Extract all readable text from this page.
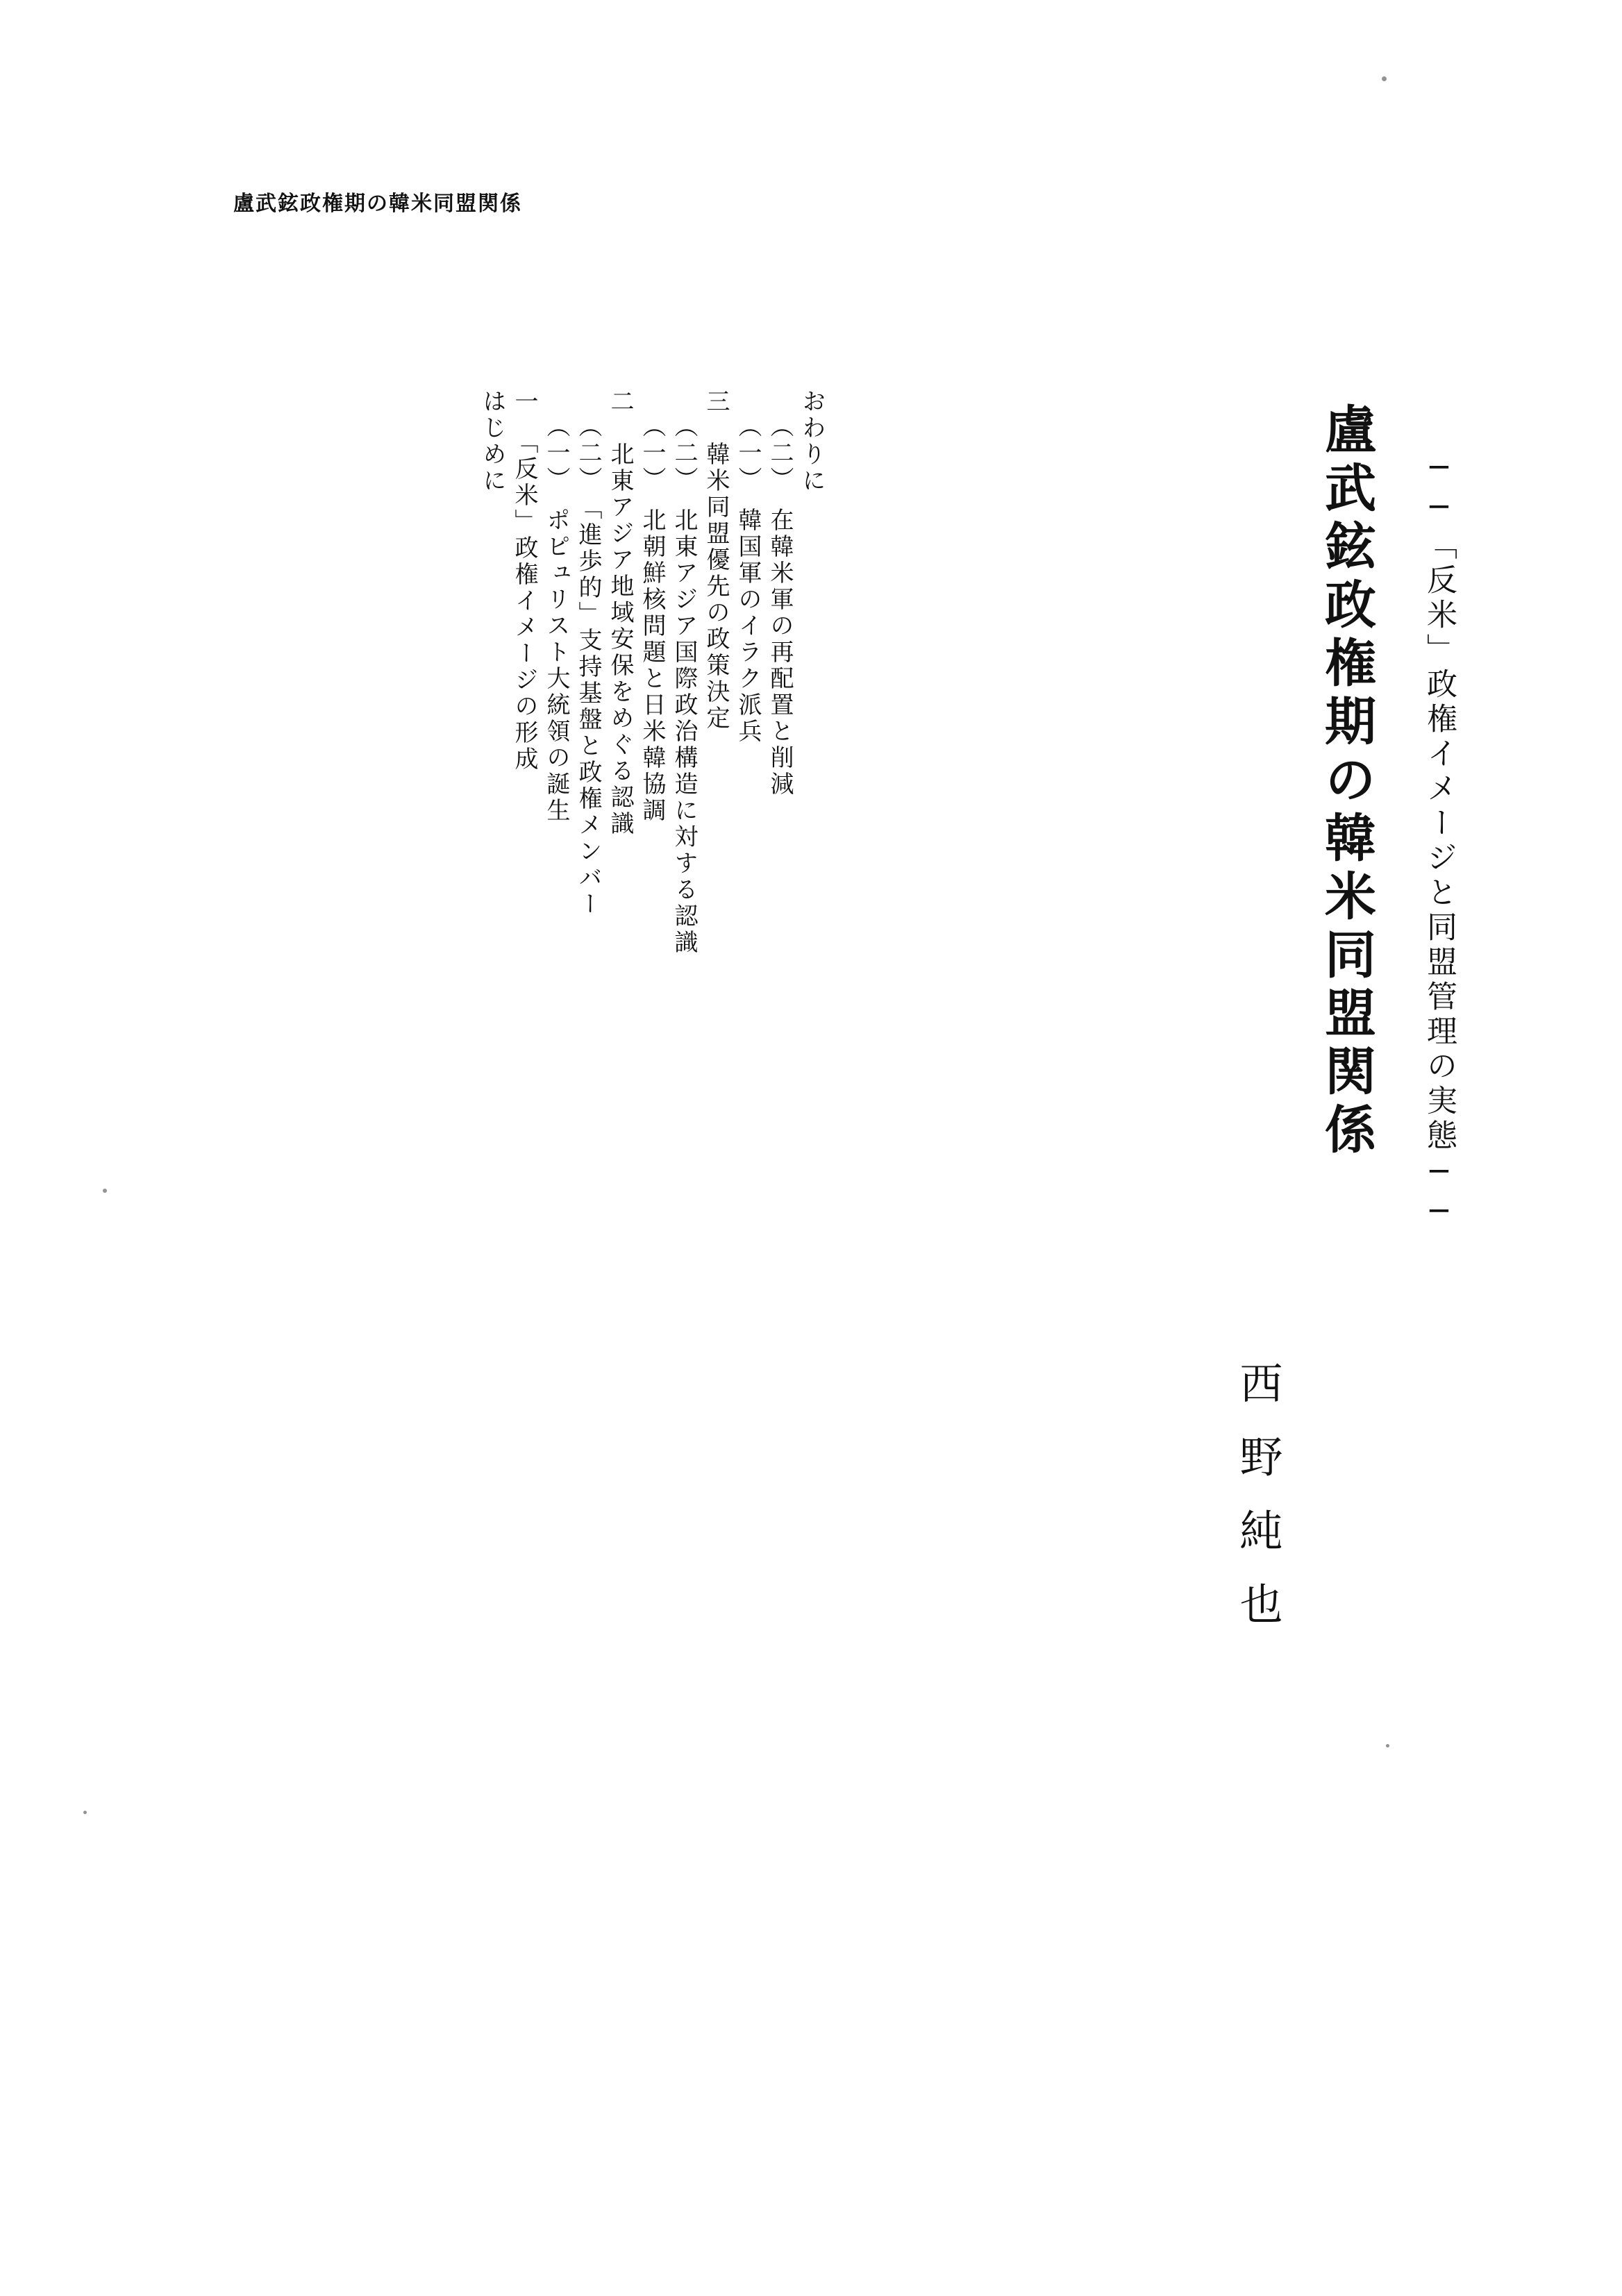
盧武鉉政権期の韓米同盟関係
盧武鉉政権期の韓米同盟関係 ──「反米」政権イメージと同盟管理の実態──
西野純也
はじめに 一　「反米」政権イメージの形成 （一）　ポピュリスト大統領の誕生 （二）　「進歩的」支持基盤と政権メンバー 二　北東アジア地域安保をめぐる認識 （一）　北朝鮮核問題と日米韓協調 （二）　北東アジア国際政治構造に対する認識 三　韓米同盟優先の政策決定 （一）　韓国軍のイラク派兵 （二）　在韓米軍の再配置と削減 おわりに
